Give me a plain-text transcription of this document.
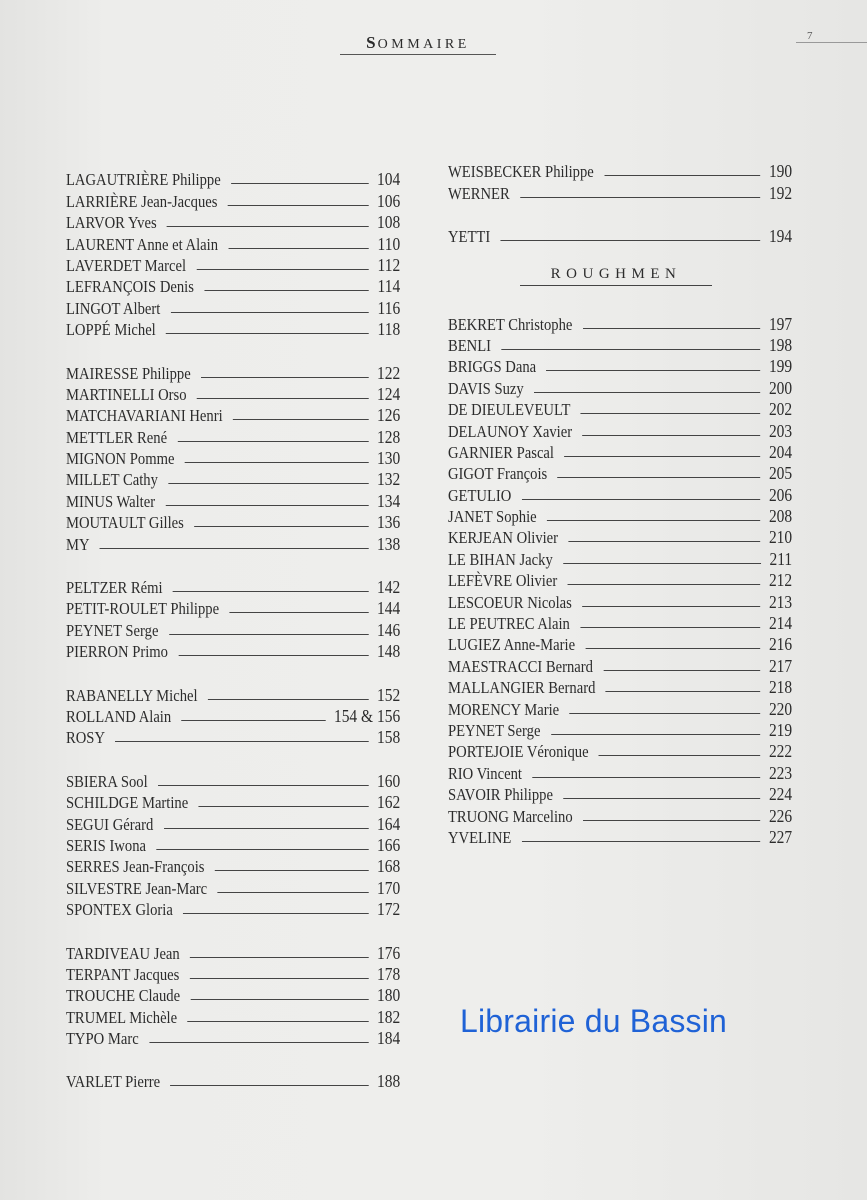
SOMMAIRE
7
LAGAUTRIÈRE Philippe	104
LARRIÈRE Jean-Jacques	106
LARVOR Yves	108
LAURENT Anne et Alain	110
LAVERDET Marcel	112
LEFRANÇOIS Denis	114
LINGOT Albert	116
LOPPÉ Michel	118
MAIRESSE Philippe	122
MARTINELLI Orso	124
MATCHAVARIANI Henri	126
METTLER René	128
MIGNON Pomme	130
MILLET Cathy	132
MINUS Walter	134
MOUTAULT Gilles	136
MY	138
PELTZER Rémi	142
PETIT-ROULET Philippe	144
PEYNET Serge	146
PIERRON Primo	148
RABANELLY Michel	152
ROLLAND Alain	154 & 156
ROSY	158
SBIERA Sool	160
SCHILDGE Martine	162
SEGUI Gérard	164
SERIS Iwona	166
SERRES Jean-François	168
SILVESTRE Jean-Marc	170
SPONTEX Gloria	172
TARDIVEAU Jean	176
TERPANT Jacques	178
TROUCHE Claude	180
TRUMEL Michèle	182
TYPO Marc	184
VARLET Pierre	188
WEISBECKER Philippe	190
WERNER	192
YETTI	194
ROUGHMEN
BEKRET Christophe	197
BENLI	198
BRIGGS Dana	199
DAVIS Suzy	200
DE DIEULEVEULT	202
DELAUNOY Xavier	203
GARNIER Pascal	204
GIGOT François	205
GETULIO	206
JANET Sophie	208
KERJEAN Olivier	210
LE BIHAN Jacky	211
LEFÈVRE Olivier	212
LESCOEUR Nicolas	213
LE PEUTREC Alain	214
LUGIEZ Anne-Marie	216
MAESTRACCI Bernard	217
MALLANGIER Bernard	218
MORENCY Marie	220
PEYNET Serge	219
PORTEJOIE Véronique	222
RIO Vincent	223
SAVOIR Philippe	224
TRUONG Marcelino	226
YVELINE	227
Librairie du Bassin
